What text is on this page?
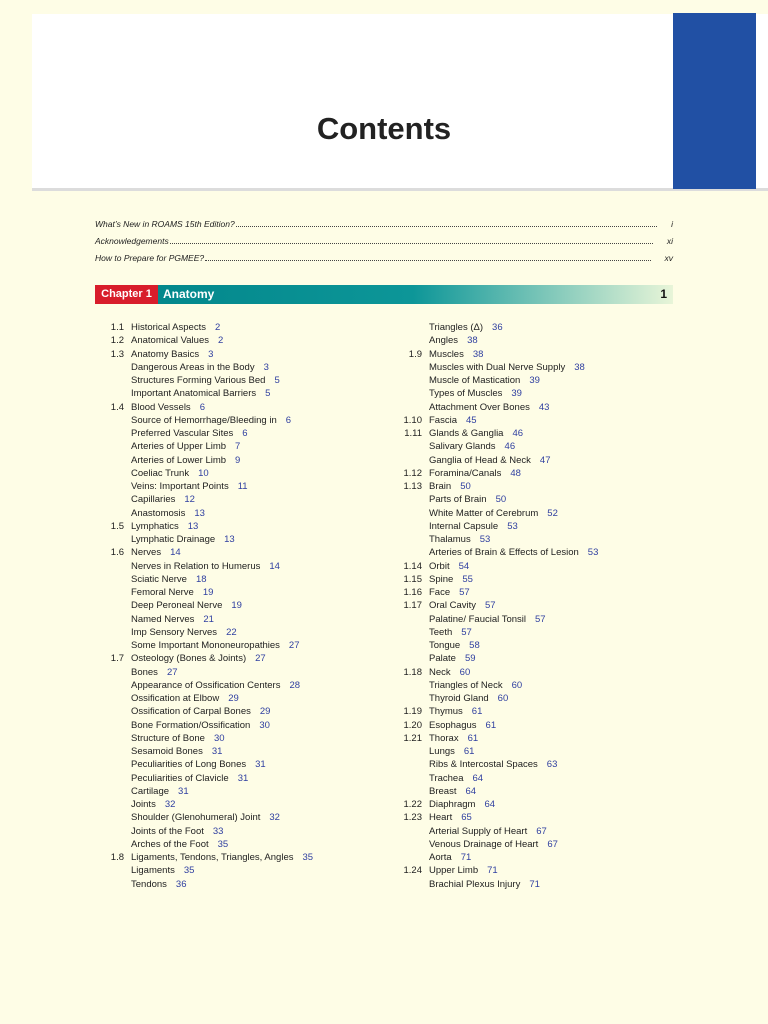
Contents
What’s New in ROAMS 15th Edition?	i
Acknowledgements	xi
How to Prepare for PGMEE?	xv
Chapter 1 Anatomy	1
1.1 Historical Aspects 2
1.2 Anatomical Values 2
1.3 Anatomy Basics 3
Dangerous Areas in the Body 3
Structures Forming Various Bed 5
Important Anatomical Barriers 5
1.4 Blood Vessels 6
Source of Hemorrhage/Bleeding in 6
Preferred Vascular Sites 6
Arteries of Upper Limb 7
Arteries of Lower Limb 9
Coeliac Trunk 10
Veins: Important Points 11
Capillaries 12
Anastomosis 13
1.5 Lymphatics 13
Lymphatic Drainage 13
1.6 Nerves 14
Nerves in Relation to Humerus 14
Sciatic Nerve 18
Femoral Nerve 19
Deep Peroneal Nerve 19
Named Nerves 21
Imp Sensory Nerves 22
Some Important Mononeuropathies 27
1.7 Osteology (Bones & Joints) 27
Bones 27
Appearance of Ossification Centers 28
Ossification at Elbow 29
Ossification of Carpal Bones 29
Bone Formation/Ossification 30
Structure of Bone 30
Sesamoid Bones 31
Peculiarities of Long Bones 31
Peculiarities of Clavicle 31
Cartilage 31
Joints 32
Shoulder (Glenohumeral) Joint 32
Joints of the Foot 33
Arches of the Foot 35
1.8 Ligaments, Tendons, Triangles, Angles 35
Ligaments 35
Tendons 36
Triangles (Δ) 36
Angles 38
1.9 Muscles 38
Muscles with Dual Nerve Supply 38
Muscle of Mastication 39
Types of Muscles 39
Attachment Over Bones 43
1.10 Fascia 45
1.11 Glands & Ganglia 46
Salivary Glands 46
Ganglia of Head & Neck 47
1.12 Foramina/Canals 48
1.13 Brain 50
Parts of Brain 50
White Matter of Cerebrum 52
Internal Capsule 53
Thalamus 53
Arteries of Brain & Effects of Lesion 53
1.14 Orbit 54
1.15 Spine 55
1.16 Face 57
1.17 Oral Cavity 57
Palatine/ Faucial Tonsil 57
Teeth 57
Tongue 58
Palate 59
1.18 Neck 60
Triangles of Neck 60
Thyroid Gland 60
1.19 Thymus 61
1.20 Esophagus 61
1.21 Thorax 61
Lungs 61
Ribs & Intercostal Spaces 63
Trachea 64
Breast 64
1.22 Diaphragm 64
1.23 Heart 65
Arterial Supply of Heart 67
Venous Drainage of Heart 67
Aorta 71
1.24 Upper Limb 71
Brachial Plexus Injury 71
